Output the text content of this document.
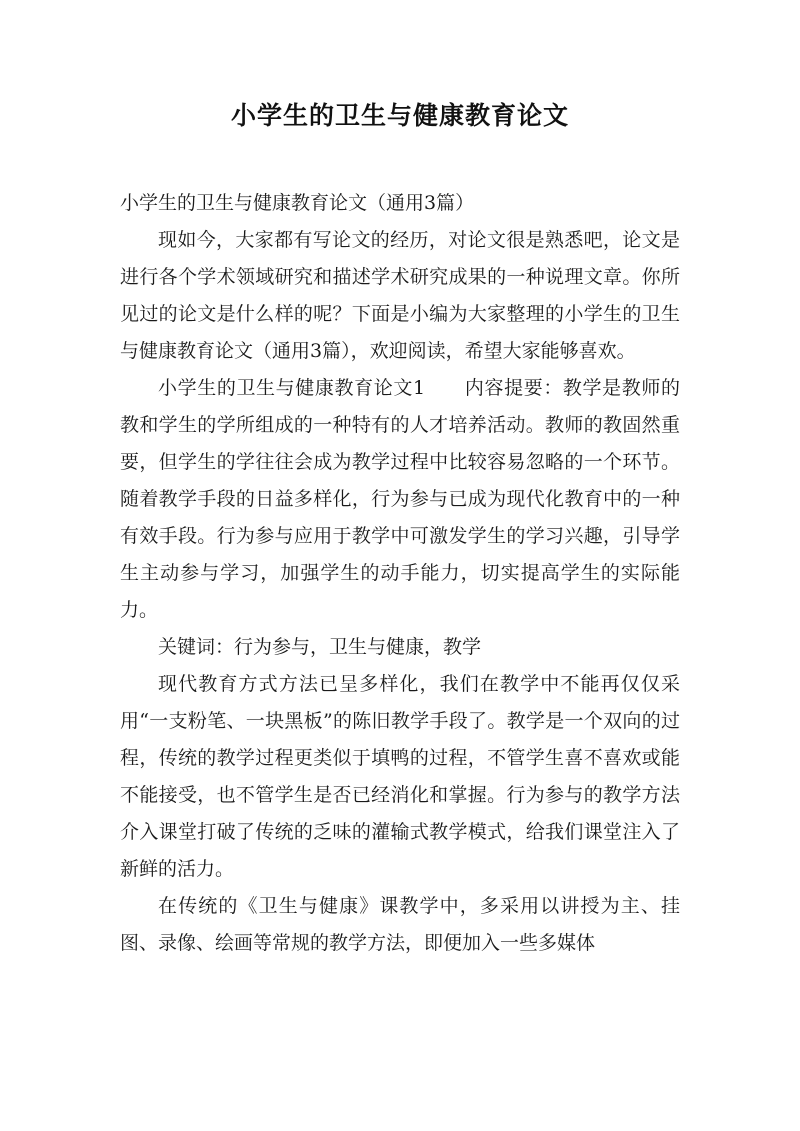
小学生的卫生与健康教育论文

小学生的卫生与健康教育论文（通用3篇）

现如今，大家都有写论文的经历，对论文很是熟悉吧，论文是进行各个学术领域研究和描述学术研究成果的一种说理文章。你所见过的论文是什么样的呢？下面是小编为大家整理的小学生的卫生与健康教育论文（通用3篇），欢迎阅读，希望大家能够喜欢。

小学生的卫生与健康教育论文1　　内容提要：教学是教师的教和学生的学所组成的一种特有的人才培养活动。教师的教固然重要，但学生的学往往会成为教学过程中比较容易忽略的一个环节。随着教学手段的日益多样化，行为参与已成为现代化教育中的一种有效手段。行为参与应用于教学中可激发学生的学习兴趣，引导学生主动参与学习，加强学生的动手能力，切实提高学生的实际能力。

关键词：行为参与，卫生与健康，教学

现代教育方式方法已呈多样化，我们在教学中不能再仅仅采用“一支粉笔、一块黑板”的陈旧教学手段了。教学是一个双向的过程，传统的教学过程更类似于填鸭的过程，不管学生喜不喜欢或能不能接受，也不管学生是否已经消化和掌握。行为参与的教学方法介入课堂打破了传统的乏味的灌输式教学模式，给我们课堂注入了新鲜的活力。

在传统的《卫生与健康》课教学中，多采用以讲授为主、挂图、录像、绘画等常规的教学方法，即便加入一些多媒体
